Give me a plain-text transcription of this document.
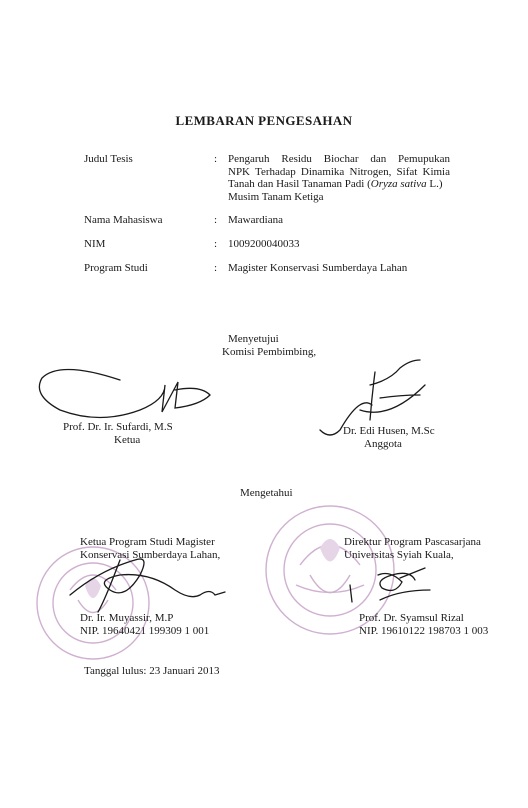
LEMBARAN PENGESAHAN
Judul Tesis	: Pengaruh Residu Biochar dan Pemupukan
NPK Terhadap Dinamika Nitrogen, Sifat Kimia
Tanah dan Hasil Tanaman Padi (Oryza sativa L.)
Musim Tanam Ketiga
Nama Mahasiswa	: Mawardiana
NIM	: 1009200040033
Program Studi	: Magister Konservasi Sumberdaya Lahan
Menyetujui
Komisi Pembimbing,
Prof. Dr. Ir. Sufardi, M.S
Ketua
Dr. Edi Husen, M.Sc
Anggota
Mengetahui
Ketua Program Studi Magister
Konservasi Sumberdaya Lahan,
Dr. Ir. Muyassir, M.P
NIP. 19640421 199309 1 001
Direktur Program Pascasarjana
Universitas Syiah Kuala,
Prof. Dr. Syamsul Rizal
NIP. 19610122 198703 1 003
Tanggal lulus: 23 Januari 2013
